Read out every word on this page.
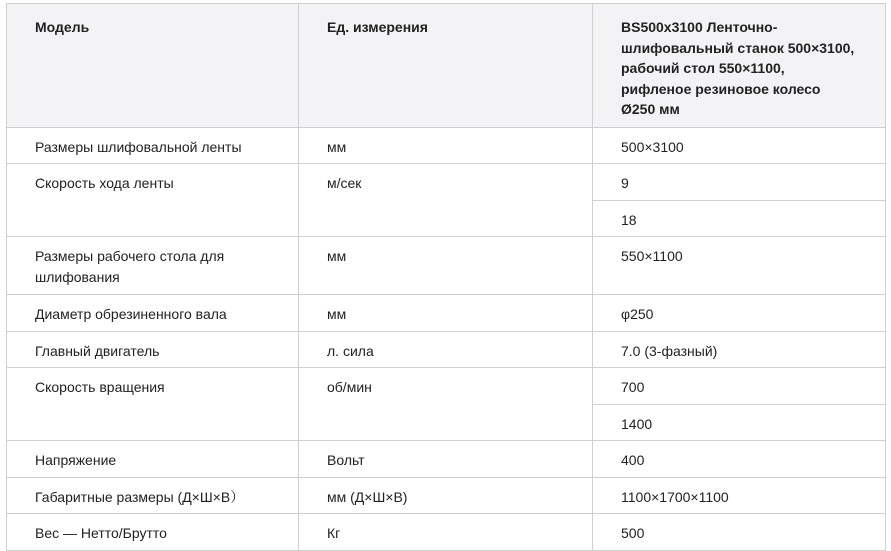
Модель	Ед. измерения	BS500x3100 Ленточно-шлифовальный станок 500×3100, рабочий стол 550×1100, рифленое резиновое колесо Ø250 мм
Размеры шлифовальной ленты	мм	500×3100
Скорость хода ленты	м/сек	9
		18
Размеры рабочего стола для шлифования	мм	550×1100
Диаметр обрезиненного вала	мм	φ250
Главный двигатель	л. сила	7.0 (3-фазный)
Скорость вращения	об/мин	700
		1400
Напряжение	Вольт	400
Габаритные размеры (Д×Ш×В）	мм (Д×Ш×В)	1100×1700×1100
Вес — Нетто/Брутто	Кг	500
